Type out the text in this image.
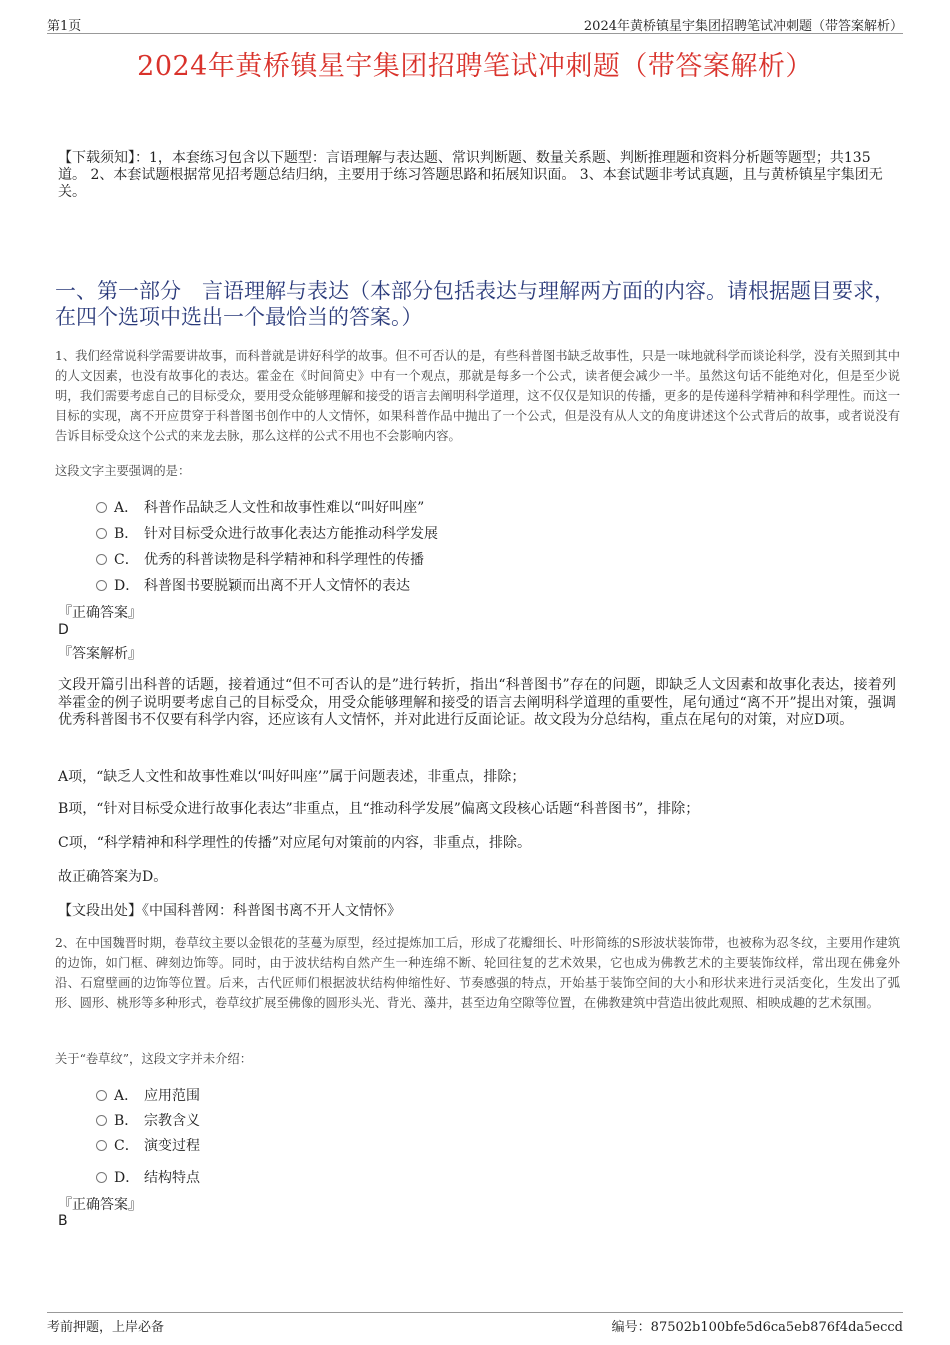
第1页	2024年黄桥镇星宇集团招聘笔试冲刺题（带答案解析）
2024年黄桥镇星宇集团招聘笔试冲刺题（带答案解析）
【下载须知】：1，本套练习包含以下题型：言语理解与表达题、常识判断题、数量关系题、判断推理题和资料分析题等题型；共135道。 2、本套试题根据常见招考题总结归纳，主要用于练习答题思路和拓展知识面。 3、本套试题非考试真题，且与黄桥镇星宇集团无关。
一、第一部分　言语理解与表达（本部分包括表达与理解两方面的内容。请根据题目要求，在四个选项中选出一个最恰当的答案。）
1、我们经常说科学需要讲故事，而科普就是讲好科学的故事。但不可否认的是，有些科普图书缺乏故事性，只是一味地就科学而谈论科学，没有关照到其中的人文因素，也没有故事化的表达。霍金在《时间简史》中有一个观点，那就是每多一个公式，读者便会减少一半。虽然这句话不能绝对化，但是至少说明，我们需要考虑自己的目标受众，要用受众能够理解和接受的语言去阐明科学道理，这不仅仅是知识的传播，更多的是传递科学精神和科学理性。而这一目标的实现，离不开应贯穿于科普图书创作中的人文情怀，如果科普作品中抛出了一个公式，但是没有从人文的角度讲述这个公式背后的故事，或者说没有告诉目标受众这个公式的来龙去脉，那么这样的公式不用也不会影响内容。
这段文字主要强调的是：
A． 科普作品缺乏人文性和故事性难以“叫好叫座”
B． 针对目标受众进行故事化表达方能推动科学发展
C． 优秀的科普读物是科学精神和科学理性的传播
D． 科普图书要脱颖而出离不开人文情怀的表达
『正确答案』
D
『答案解析』
文段开篇引出科普的话题，接着通过“但不可否认的是”进行转折，指出“科普图书”存在的问题，即缺乏人文因素和故事化表达，接着列举霍金的例子说明要考虑自己的目标受众，用受众能够理解和接受的语言去阐明科学道理的重要性，尾句通过“离不开”提出对策，强调优秀科普图书不仅要有科学内容，还应该有人文情怀，并对此进行反面论证。故文段为分总结构，重点在尾句的对策，对应D项。
A项，“缺乏人文性和故事性难以‘叫好叫座’”属于问题表述，非重点，排除；
B项，“针对目标受众进行故事化表达”非重点，且“推动科学发展”偏离文段核心话题“科普图书”，排除；
C项，“科学精神和科学理性的传播”对应尾句对策前的内容，非重点，排除。
故正确答案为D。
【文段出处】《中国科普网：科普图书离不开人文情怀》
2、在中国魏晋时期，卷草纹主要以金银花的茎蔓为原型，经过提炼加工后，形成了花瓣细长、叶形简练的S形波状装饰带，也被称为忍冬纹，主要用作建筑的边饰，如门框、碑刻边饰等。同时，由于波状结构自然产生一种连绵不断、轮回往复的艺术效果，它也成为佛教艺术的主要装饰纹样，常出现在佛龛外沿、石窟壁画的边饰等位置。后来，古代匠师们根据波状结构伸缩性好、节奏感强的特点，开始基于装饰空间的大小和形状来进行灵活变化，生发出了弧形、圆形、桃形等多种形式，卷草纹扩展至佛像的圆形头光、背光、藻井，甚至边角空隙等位置，在佛教建筑中营造出彼此观照、相映成趣的艺术氛围。
关于“卷草纹”，这段文字并未介绍：
A． 应用范围
B． 宗教含义
C． 演变过程
D． 结构特点
『正确答案』
B
考前押题，上岸必备	编号：87502b100bfe5d6ca5eb876f4da5eccd
